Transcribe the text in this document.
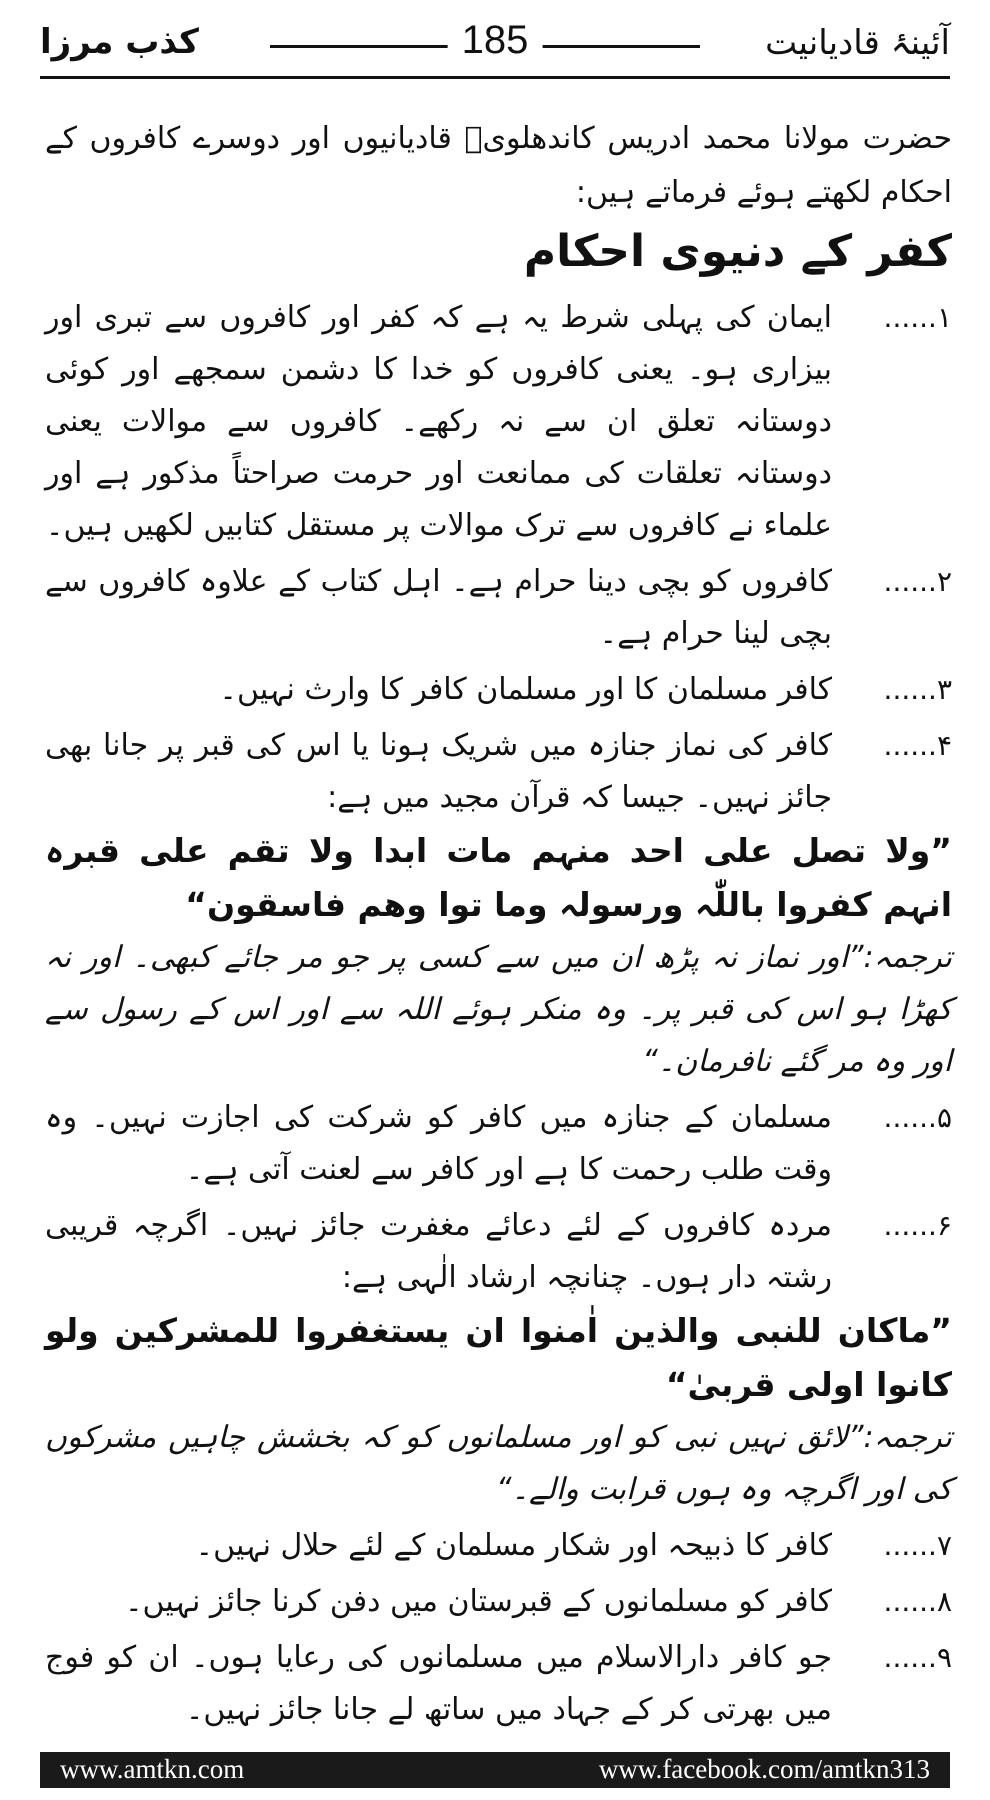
آئینۂ قادیانیت
185
کذب مرزا

حضرت مولانا محمد ادریس کاندھلویؒ قادیانیوں اور دوسرے کافروں کے احکام لکھتے ہوئے فرماتے ہیں:

کفر کے دنیوی احکام
۱......
ایمان کی پہلی شرط یہ ہے کہ کفر اور کافروں سے تبری اور بیزاری ہو۔ یعنی کافروں کو خدا کا دشمن سمجھے اور کوئی دوستانہ تعلق ان سے نہ رکھے۔ کافروں سے موالات یعنی دوستانہ تعلقات کی ممانعت اور حرمت صراحتاً مذکور ہے اور علماء نے کافروں سے ترک موالات پر مستقل کتابیں لکھیں ہیں۔
۲......
کافروں کو بچی دینا حرام ہے۔ اہل کتاب کے علاوہ کافروں سے بچی لینا حرام ہے۔
۳......
کافر مسلمان کا اور مسلمان کافر کا وارث نہیں۔
۴......
کافر کی نماز جنازہ میں شریک ہونا یا اس کی قبر پر جانا بھی جائز نہیں۔ جیسا کہ قرآن مجید میں ہے:
”ولا تصل علی احد منہم مات ابدا ولا تقم علی قبرہ انہم کفروا باللّٰہ ورسولہ وما توا وھم فاسقون“
ترجمہ:”اور نماز نہ پڑھ ان میں سے کسی پر جو مر جائے کبھی۔ اور نہ کھڑا ہو اس کی قبر پر۔ وہ منکر ہوئے اللہ سے اور اس کے رسول سے اور وہ مر گئے نافرمان۔“
۵......
مسلمان کے جنازہ میں کافر کو شرکت کی اجازت نہیں۔ وہ وقت طلب رحمت کا ہے اور کافر سے لعنت آتی ہے۔
۶......
مردہ کافروں کے لئے دعائے مغفرت جائز نہیں۔ اگرچہ قریبی رشتہ دار ہوں۔ چنانچہ ارشاد الٰہی ہے:
”ماکان للنبی والذین اٰمنوا ان یستغفروا للمشرکین ولو کانوا اولی قربیٰ“
ترجمہ:”لائق نہیں نبی کو اور مسلمانوں کو کہ بخشش چاہیں مشرکوں کی اور اگرچہ وہ ہوں قرابت والے۔“
۷......
کافر کا ذبیحہ اور شکار مسلمان کے لئے حلال نہیں۔
۸......
کافر کو مسلمانوں کے قبرستان میں دفن کرنا جائز نہیں۔
۹......
جو کافر دارالاسلام میں مسلمانوں کی رعایا ہوں۔ ان کو فوج میں بھرتی کر کے جہاد میں ساتھ لے جانا جائز نہیں۔
www.amtkn.com	www.facebook.com/amtkn313
